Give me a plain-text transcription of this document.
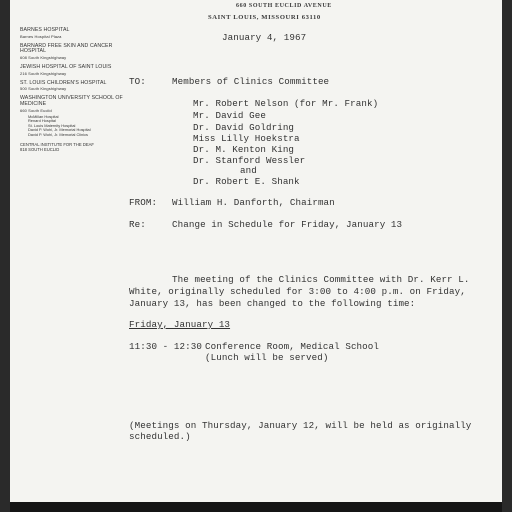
660 SOUTH EUCLID AVENUE
SAINT LOUIS, MISSOURI 63110
BARNES HOSPITAL
Barnes Hospital Plaza
BARNARD FREE SKIN AND CANCER HOSPITAL
608 South Kingshighway
JEWISH HOSPITAL OF SAINT LOUIS
216 South Kingshighway
ST. LOUIS CHILDREN'S HOSPITAL
500 South Kingshighway
WASHINGTON UNIVERSITY SCHOOL OF MEDICINE
660 South Euclid
McMillan Hospital
Renard Hospital
St. Louis Maternity Hospital
David P. Wohl, Jr. Memorial Hospital
David P. Wohl, Jr. Memorial Clinics
CENTRAL INSTITUTE FOR THE DEAF
818 SOUTH EUCLID
January 4, 1967
TO:	Members of Clinics Committee
Mr. Robert Nelson (for Mr. Frank)
Mr. David Gee
Dr. David Goldring
Miss Lilly Hoekstra
Dr. M. Kenton King
Dr. Stanford Wessler
and
Dr. Robert E. Shank
FROM: William H. Danforth, Chairman
Re:	Change in Schedule for Friday, January 13
The meeting of the Clinics Committee with Dr. Kerr L.
White, originally scheduled for 3:00 to 4:00 p.m. on Friday,
January 13, has been changed to the following time:
Friday, January 13
11:30 - 12:30 Conference Room, Medical School
(Lunch will be served)
(Meetings on Thursday, January 12, will be held as originally
scheduled.)
